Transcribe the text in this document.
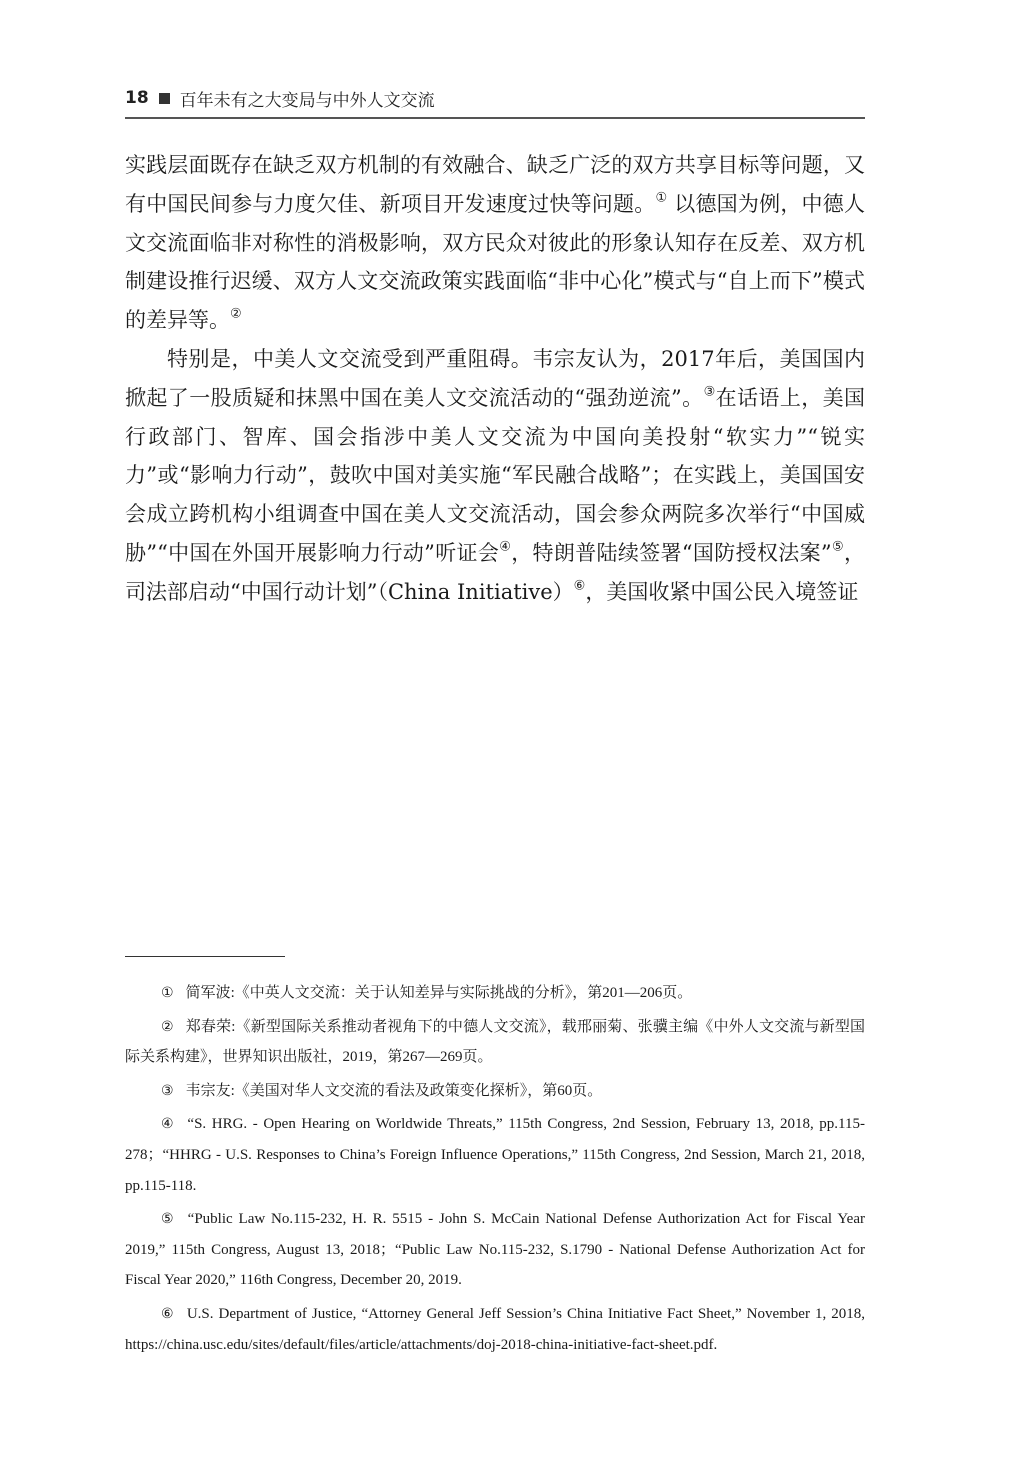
18 百年未有之大变局与中外人文交流

实践层面既存在缺乏双方机制的有效融合、缺乏广泛的双方共享目标等问题，又有中国民间参与力度欠佳、新项目开发速度过快等问题。① 以德国为例，中德人文交流面临非对称性的消极影响，双方民众对彼此的形象认知存在反差、双方机制建设推行迟缓、双方人文交流政策实践面临“非中心化”模式与“自上而下”模式的差异等。②

特别是，中美人文交流受到严重阻碍。韦宗友认为，2017年后，美国国内掀起了一股质疑和抹黑中国在美人文交流活动的“强劲逆流”。③在话语上，美国行政部门、智库、国会指涉中美人文交流为中国向美投射“软实力”“锐实力”或“影响力行动”，鼓吹中国对美实施“军民融合战略”；在实践上，美国国安会成立跨机构小组调查中国在美人文交流活动，国会参众两院多次举行“中国威胁”“中国在外国开展影响力行动”听证会④，特朗普陆续签署“国防授权法案”⑤，司法部启动“中国行动计划”（China Initiative）⑥，美国收紧中国公民入境签证

① 简军波:《中英人文交流：关于认知差异与实际挑战的分析》，第201—206页。

② 郑春荣:《新型国际关系推动者视角下的中德人文交流》，载邢丽菊、张骥主编《中外人文交流与新型国际关系构建》，世界知识出版社，2019，第267—269页。

③ 韦宗友:《美国对华人文交流的看法及政策变化探析》，第60页。

④ “S. HRG. - Open Hearing on Worldwide Threats,” 115th Congress, 2nd Session, February 13, 2018, pp.115-278；“HHRG - U.S. Responses to China’s Foreign Influence Operations,” 115th Congress, 2nd Session, March 21, 2018, pp.115-118.

⑤ “Public Law No.115-232, H. R. 5515 - John S. McCain National Defense Authorization Act for Fiscal Year 2019,” 115th Congress, August 13, 2018；“Public Law No.115-232, S.1790 - National Defense Authorization Act for Fiscal Year 2020,” 116th Congress, December 20, 2019.

⑥ U.S. Department of Justice, “Attorney General Jeff Session’s China Initiative Fact Sheet,” November 1, 2018, https://china.usc.edu/sites/default/files/article/attachments/doj-2018-china-initiative-fact-sheet.pdf.
